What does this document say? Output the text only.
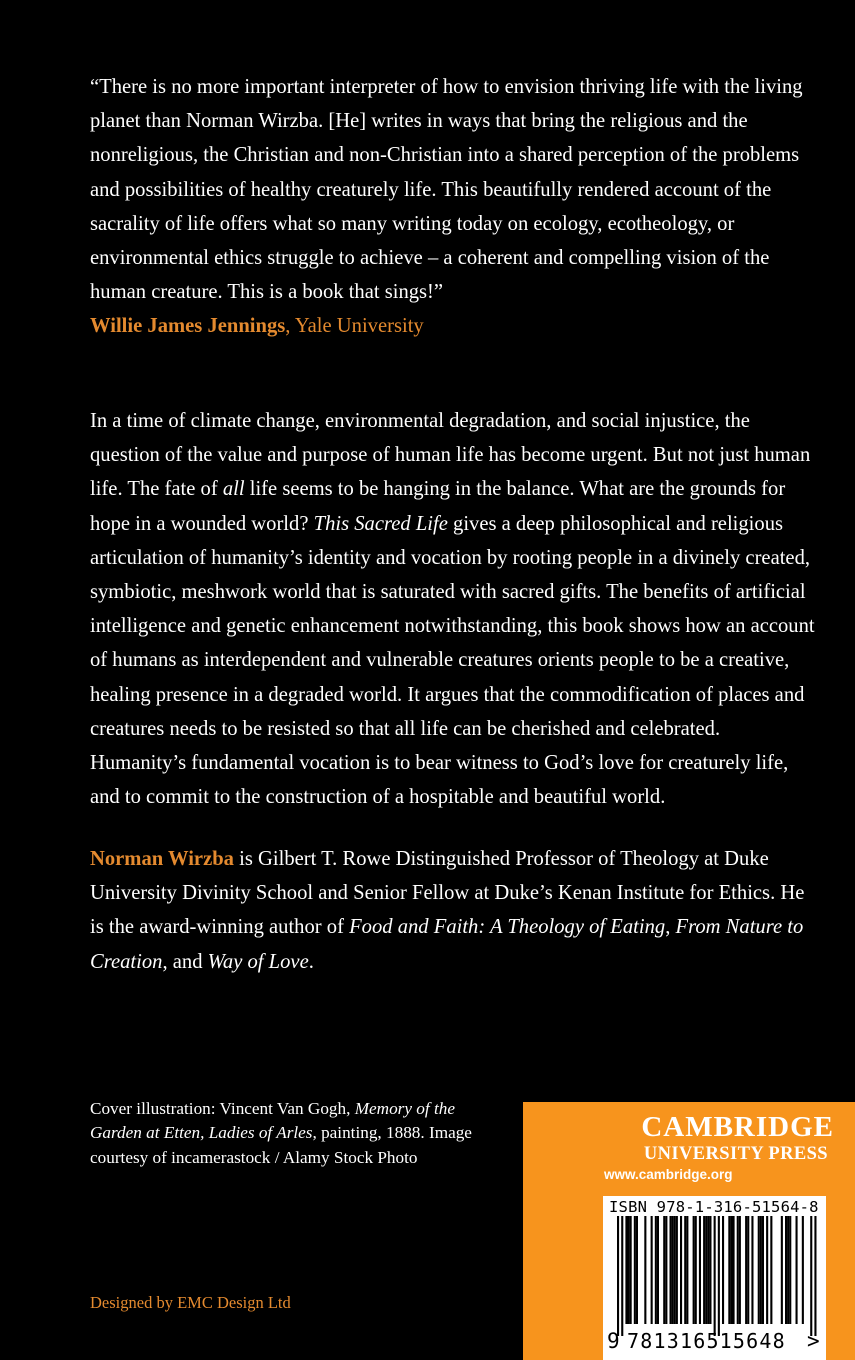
“There is no more important interpreter of how to envision thriving life with the living planet than Norman Wirzba. [He] writes in ways that bring the religious and the nonreligious, the Christian and non-Christian into a shared perception of the problems and possibilities of healthy creaturely life. This beautifully rendered account of the sacrality of life offers what so many writing today on ecology, ecotheology, or environmental ethics struggle to achieve – a coherent and compelling vision of the human creature. This is a book that sings!”
Willie James Jennings, Yale University

In a time of climate change, environmental degradation, and social injustice, the question of the value and purpose of human life has become urgent. But not just human life. The fate of all life seems to be hanging in the balance. What are the grounds for hope in a wounded world? This Sacred Life gives a deep philosophical and religious articulation of humanity’s identity and vocation by rooting people in a divinely created, symbiotic, meshwork world that is saturated with sacred gifts. The benefits of artificial intelligence and genetic enhancement notwithstanding, this book shows how an account of humans as interdependent and vulnerable creatures orients people to be a creative, healing presence in a degraded world. It argues that the commodification of places and creatures needs to be resisted so that all life can be cherished and celebrated. Humanity’s fundamental vocation is to bear witness to God’s love for creaturely life, and to commit to the construction of a hospitable and beautiful world.

Norman Wirzba is Gilbert T. Rowe Distinguished Professor of Theology at Duke University Divinity School and Senior Fellow at Duke’s Kenan Institute for Ethics. He is the award-winning author of Food and Faith: A Theology of Eating, From Nature to Creation, and Way of Love.

Cover illustration: Vincent Van Gogh, Memory of the Garden at Etten, Ladies of Arles, painting, 1888. Image courtesy of incamerastock / Alamy Stock Photo

Designed by EMC Design Ltd

CAMBRIDGE
UNIVERSITY PRESS
www.cambridge.org
ISBN 978-1-316-51564-8
9 781316515648 >
